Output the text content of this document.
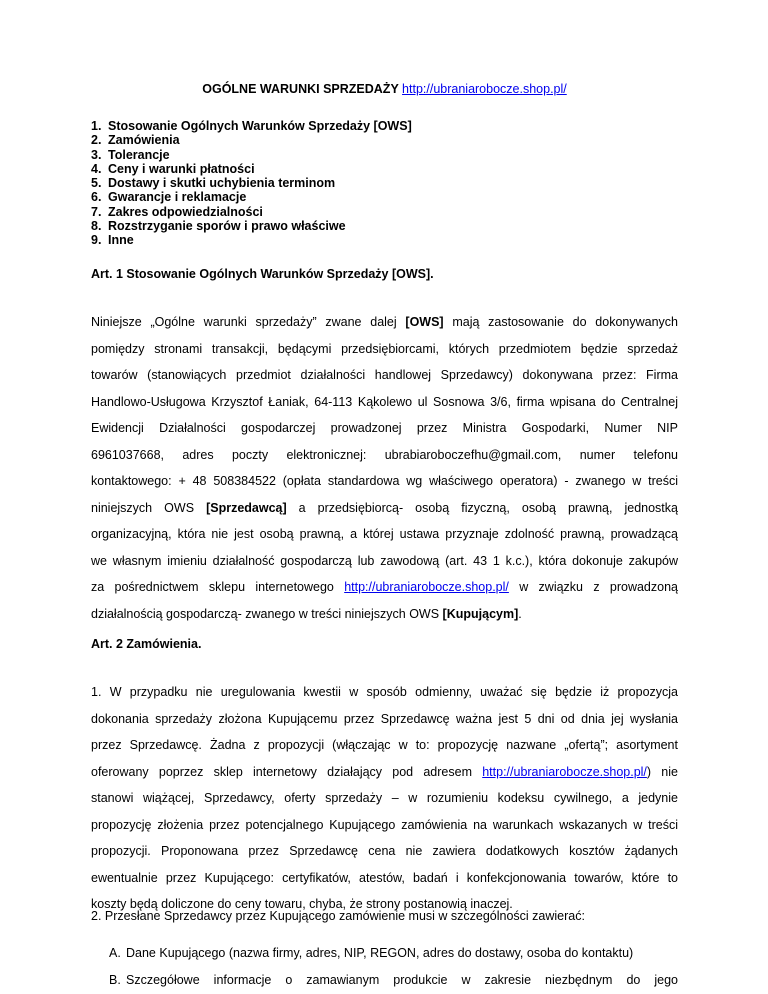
OGÓLNE WARUNKI SPRZEDAŻY http://ubraniarobocze.shop.pl/
1. Stosowanie Ogólnych Warunków Sprzedaży [OWS]
2. Zamówienia
3. Tolerancje
4. Ceny i warunki płatności
5. Dostawy i skutki uchybienia terminom
6. Gwarancje i reklamacje
7. Zakres odpowiedzialności
8. Rozstrzyganie sporów i prawo właściwe
9. Inne
Art. 1 Stosowanie Ogólnych Warunków Sprzedaży [OWS].
Niniejsze „Ogólne warunki sprzedaży” zwane dalej [OWS] mają zastosowanie do dokonywanych
pomiędzy stronami transakcji, będącymi przedsiębiorcami, których przedmiotem będzie sprzedaż
towarów (stanowiących przedmiot działalności handlowej Sprzedawcy) dokonywana przez: Firma
Handlowo-Usługowa Krzysztof Łaniak, 64-113 Kąkolewo ul Sosnowa 3/6, firma wpisana do Centralnej
Ewidencji Działalności gospodarczej prowadzonej przez Ministra Gospodarki, Numer NIP
6961037668, adres poczty elektronicznej: ubrabiaroboczefhu@gmail.com, numer telefonu
kontaktowego: + 48 508384522 (opłata standardowa wg właściwego operatora) - zwanego w treści
niniejszych OWS [Sprzedawcą] a przedsiębiorcą- osobą fizyczną, osobą prawną, jednostką
organizacyjną, która nie jest osobą prawną, a której ustawa przyznaje zdolność prawną, prowadzącą
we własnym imieniu działalność gospodarczą lub zawodową (art. 43 1 k.c.), która dokonuje zakupów
za pośrednictwem sklepu internetowego http://ubraniarobocze.shop.pl/ w związku z prowadzoną
działalnością gospodarczą- zwanego w treści niniejszych OWS [Kupującym].
Art. 2 Zamówienia.
1. W przypadku nie uregulowania kwestii w sposób odmienny, uważać się będzie iż propozycja
dokonania sprzedaży złożona Kupującemu przez Sprzedawcę ważna jest 5 dni od dnia jej wysłania
przez Sprzedawcę. Żadna z propozycji (włączając w to: propozycję nazwane „ofertą”; asortyment
oferowany poprzez sklep internetowy działający pod adresem http://ubraniarobocze.shop.pl/) nie
stanowi wiążącej, Sprzedawcy, oferty sprzedaży – w rozumieniu kodeksu cywilnego, a jedynie
propozycję złożenia przez potencjalnego Kupującego zamówienia na warunkach wskazanych w treści
propozycji. Proponowana przez Sprzedawcę cena nie zawiera dodatkowych kosztów żądanych
ewentualnie przez Kupującego: certyfikatów, atestów, badań i konfekcjonowania towarów, które to
koszty będą doliczone do ceny towaru, chyba, że strony postanowią inaczej.
2. Przesłane Sprzedawcy przez Kupującego zamówienie musi w szczególności zawierać:
A. Dane Kupującego (nazwa firmy, adres, NIP, REGON, adres do dostawy, osoba do kontaktu)
B. Szczegółowe informacje o zamawianym produkcie w zakresie niezbędnym do jego
